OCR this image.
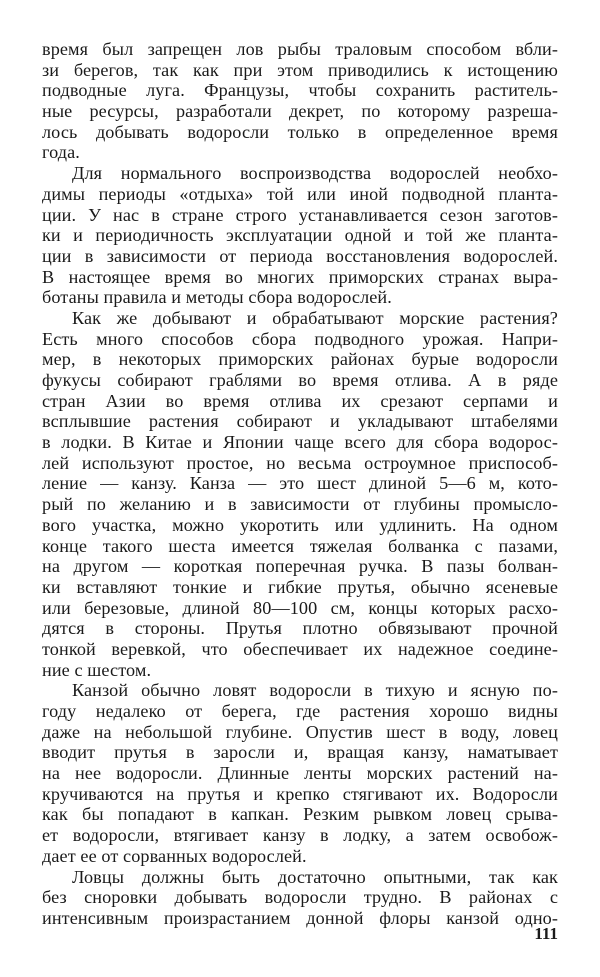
время был запрещен лов рыбы траловым способом вбли-
зи берегов, так как при этом приводились к истощению
подводные луга. Французы, чтобы сохранить раститель-
ные ресурсы, разработали декрет, по которому разреша-
лось добывать водоросли только в определенное время
года.
Для нормального воспроизводства водорослей необхо-
димы периоды «отдыха» той или иной подводной планта-
ции. У нас в стране строго устанавливается сезон заготов-
ки и периодичность эксплуатации одной и той же планта-
ции в зависимости от периода восстановления водорослей.
В настоящее время во многих приморских странах выра-
ботаны правила и методы сбора водорослей.
Как же добывают и обрабатывают морские растения?
Есть много способов сбора подводного урожая. Напри-
мер, в некоторых приморских районах бурые водоросли
фукусы собирают граблями во время отлива. А в ряде
стран Азии во время отлива их срезают серпами и
всплывшие растения собирают и укладывают штабелями
в лодки. В Китае и Японии чаще всего для сбора водорос-
лей используют простое, но весьма остроумное приспособ-
ление — канзу. Канза — это шест длиной 5—6 м, кото-
рый по желанию и в зависимости от глубины промысло-
вого участка, можно укоротить или удлинить. На одном
конце такого шеста имеется тяжелая болванка с пазами,
на другом — короткая поперечная ручка. В пазы болван-
ки вставляют тонкие и гибкие прутья, обычно ясеневые
или березовые, длиной 80—100 см, концы которых расхо-
дятся в стороны. Прутья плотно обвязывают прочной
тонкой веревкой, что обеспечивает их надежное соедине-
ние с шестом.
Канзой обычно ловят водоросли в тихую и ясную по-
году недалеко от берега, где растения хорошо видны
даже на небольшой глубине. Опустив шест в воду, ловец
вводит прутья в заросли и, вращая канзу, наматывает
на нее водоросли. Длинные ленты морских растений на-
кручиваются на прутья и крепко стягивают их. Водоросли
как бы попадают в капкан. Резким рывком ловец срыва-
ет водоросли, втягивает канзу в лодку, а затем освобож-
дает ее от сорванных водорослей.
Ловцы должны быть достаточно опытными, так как
без сноровки добывать водоросли трудно. В районах с
интенсивным произрастанием донной флоры канзой одно-
111
